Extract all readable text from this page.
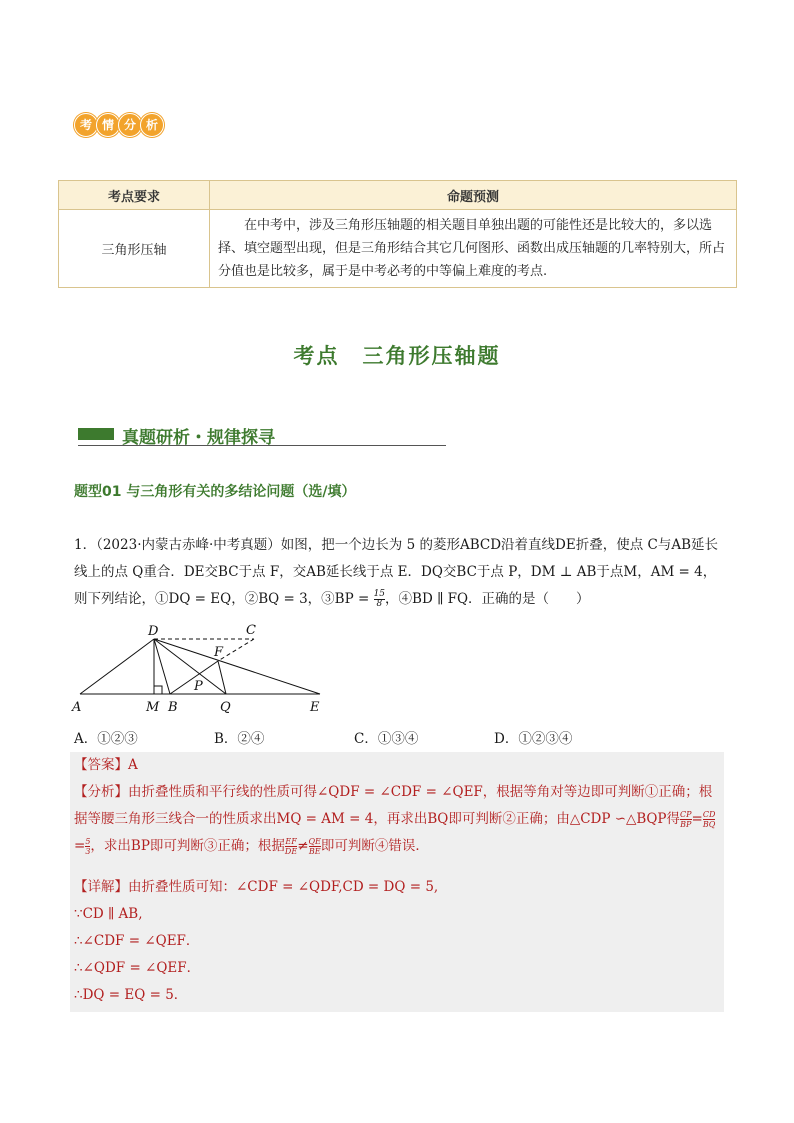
考 情 分 析
考点要求	命题预测
三角形压轴	在中考中，涉及三角形压轴题的相关题目单独出题的可能性还是比较大的，多以选择、填空题型出现，但是三角形结合其它几何图形、函数出成压轴题的几率特别大，所占分值也是比较多，属于是中考必考的中等偏上难度的考点.
考点　三角形压轴题
真题研析・规律探寻
题型01 与三角形有关的多结论问题（选/填）
1．（2023·内蒙古赤峰·中考真题）如图，把一个边长为 5 的菱形ABCD沿着直线DE折叠，使点 C与AB延长线上的点 Q重合．DE交BC于点 F，交AB延长线于点 E．DQ交BC于点 P，DM ⊥ AB于点M，AM = 4，则下列结论，①DQ = EQ，②BQ = 3，③BP = $\frac{15}{8}$ ，④BD ∥ FQ．正确的是（　　）
A	M B	Q	E
D	C
F
P
A．①②③	B．②④	C．①③④	D．①②③④
【答案】A
【分析】由折叠性质和平行线的性质可得∠QDF = ∠CDF = ∠QEF，根据等角对等边即可判断①正确；根据等腰三角形三线合一的性质求出MQ = AM = 4，再求出BQ即可判断②正确；由△CDP ∽△BQP得 $\frac{CP}{BP} = \frac{CD}{BQ}$
= $\frac{5}{3}$ ，求出BP即可判断③正确；根据 $\frac{EF}{DE} \ne \frac{QE}{BE}$ 即可判断④错误．
【详解】由折叠性质可知：∠CDF = ∠QDF,CD = DQ = 5,
∵CD ∥ AB,
∴∠CDF = ∠QEF．
∴∠QDF = ∠QEF．
∴DQ = EQ = 5．
